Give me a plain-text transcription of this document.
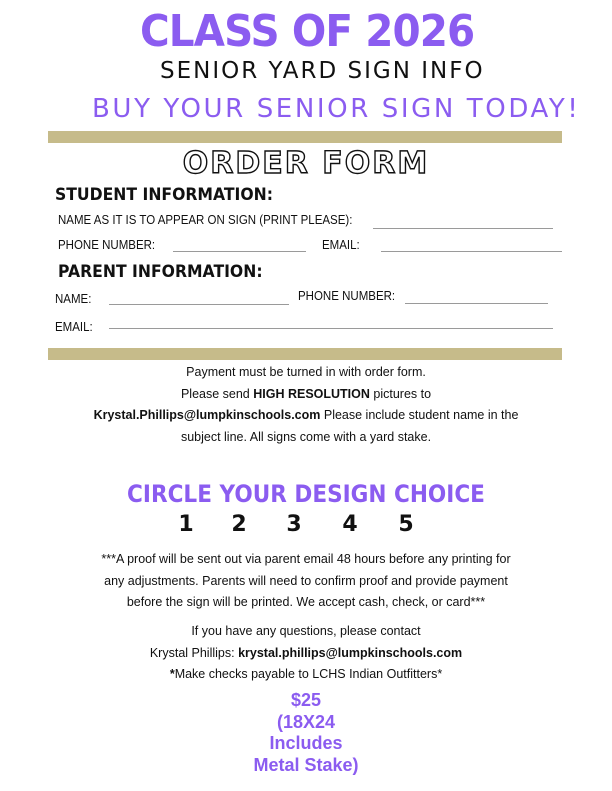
CLASS OF 2026
SENIOR YARD SIGN INFO
BUY YOUR SENIOR SIGN TODAY!
ORDER FORM
STUDENT INFORMATION:
NAME AS IT IS TO APPEAR ON SIGN (PRINT PLEASE):
PHONE NUMBER:	EMAIL:
PARENT INFORMATION:
NAME:	PHONE NUMBER:
EMAIL:
Payment must be turned in with order form.
Please send HIGH RESOLUTION pictures to
Krystal.Phillips@lumpkinschools.com Please include student name in the
subject line. All signs come with a yard stake.
CIRCLE YOUR DESIGN CHOICE
1	2	3	4	5
***A proof will be sent out via parent email 48 hours before any printing for
any adjustments. Parents will need to confirm proof and provide payment
before the sign will be printed. We accept cash, check, or card***
If you have any questions, please contact
Krystal Phillips: krystal.phillips@lumpkinschools.com
*Make checks payable to LCHS Indian Outfitters*
$25
(18X24
Includes
Metal Stake)
